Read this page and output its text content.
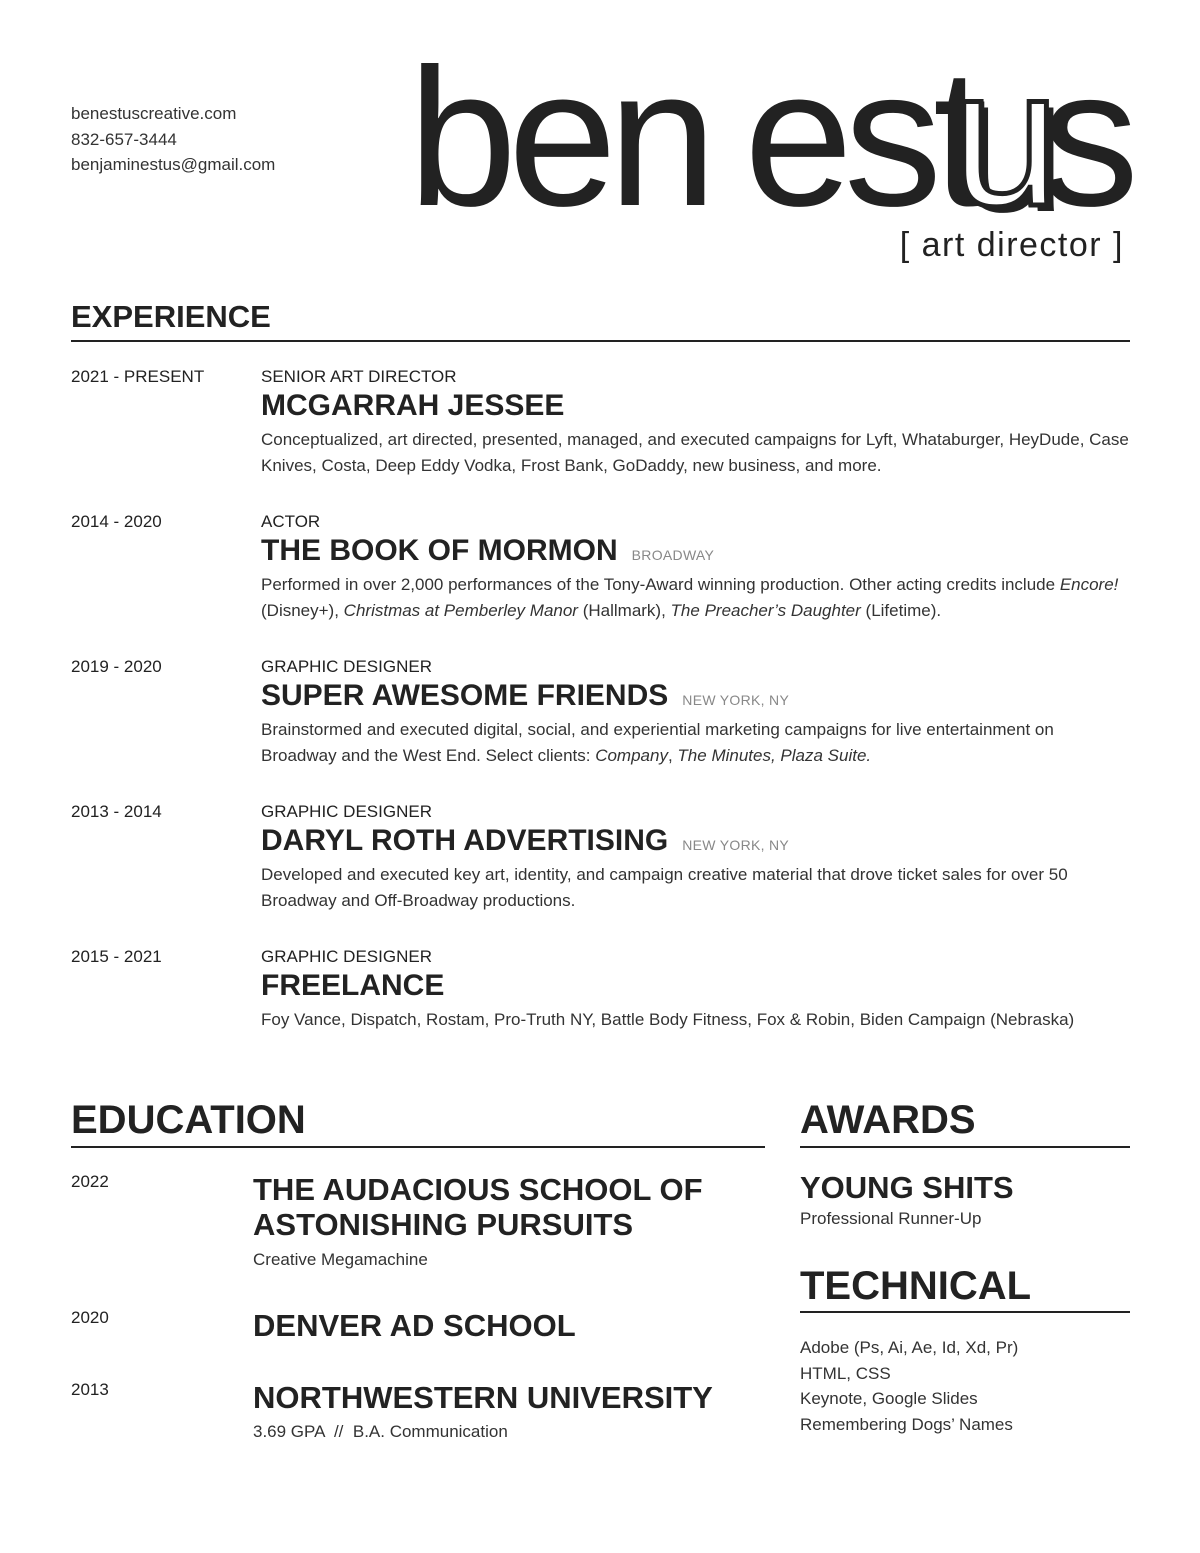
benestuscreative.com
832-657-3444
benjaminestus@gmail.com ben est
u
s
[ art director ]
EXPERIENCE
2021 - PRESENT	SENIOR ART DIRECTOR
MCGARRAH JESSEE
Conceptualized, art directed, presented, managed, and executed campaigns for Lyft, Whataburger, HeyDude, Case Knives, Costa, Deep Eddy Vodka, Frost Bank, GoDaddy, new business, and more.
2014 - 2020	ACTOR
THE BOOK OF MORMON BROADWAY
Performed in over 2,000 performances of the Tony-Award winning production. Other acting credits include Encore! (Disney+), Christmas at Pemberley Manor (Hallmark), The Preacher’s Daughter (Lifetime).
2019 - 2020	GRAPHIC DESIGNER
SUPER AWESOME FRIENDS NEW YORK, NY
Brainstormed and executed digital, social, and experiential marketing campaigns for live entertainment on Broadway and the West End. Select clients: Company, The Minutes, Plaza Suite.
2013 - 2014	GRAPHIC DESIGNER
DARYL ROTH ADVERTISING NEW YORK, NY
Developed and executed key art, identity, and campaign creative material that drove ticket sales for over 50 Broadway and Off-Broadway productions.
2015 - 2021	GRAPHIC DESIGNER
FREELANCE
Foy Vance, Dispatch, Rostam, Pro-Truth NY, Battle Body Fitness, Fox & Robin, Biden Campaign (Nebraska)
EDUCATION
2022	THE AUDACIOUS SCHOOL OF ASTONISHING PURSUITS
Creative Megamachine
2020	DENVER AD SCHOOL
2013	NORTHWESTERN UNIVERSITY
3.69 GPA  //  B.A. Communication
AWARDS
YOUNG SHITS
Professional Runner-Up
TECHNICAL
Adobe (Ps, Ai, Ae, Id, Xd, Pr)
HTML, CSS
Keynote, Google Slides
Remembering Dogs’ Names
